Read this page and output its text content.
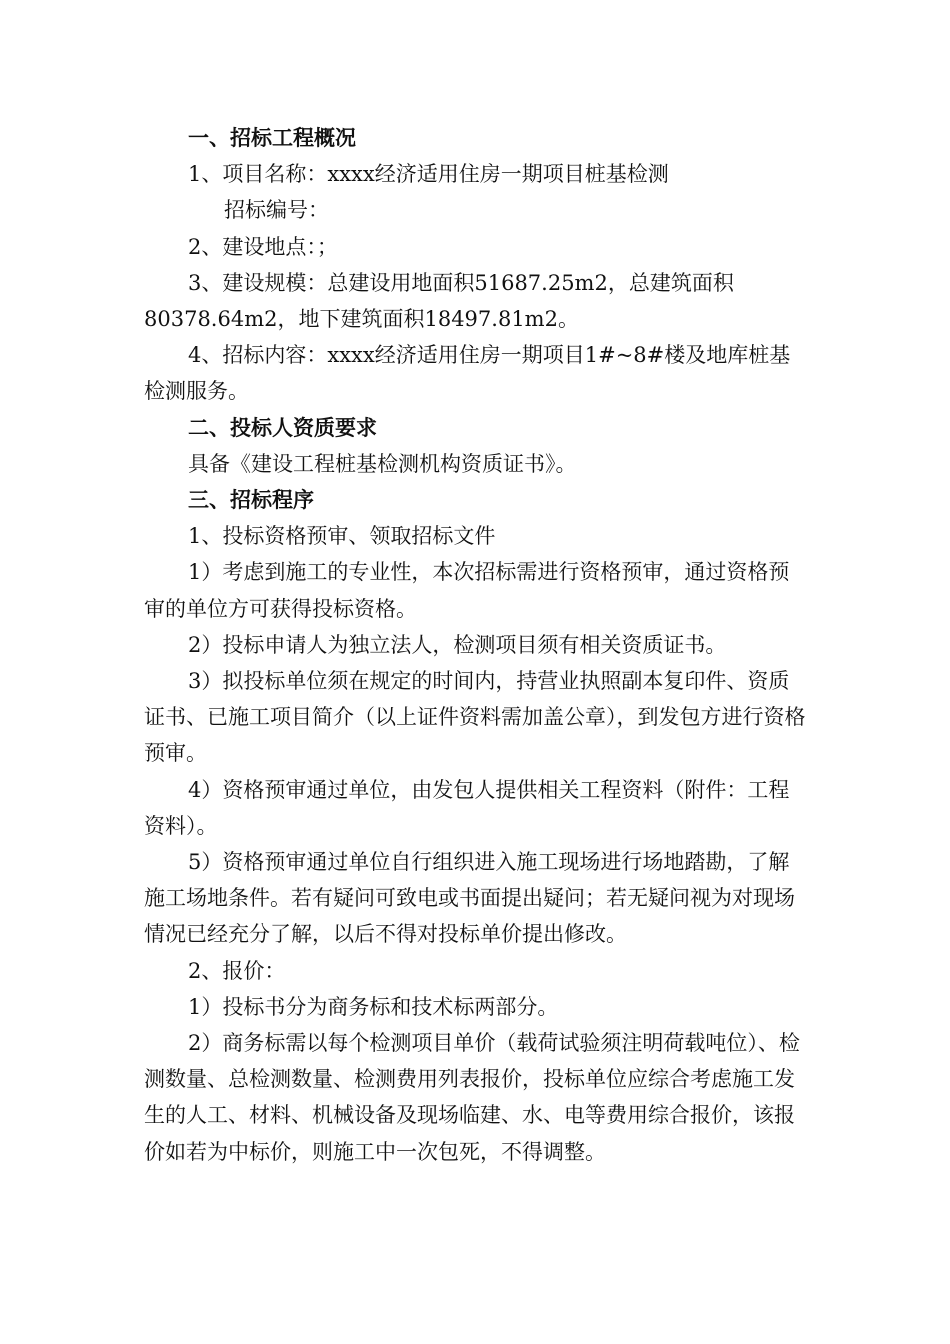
一、招标工程概况

1、项目名称：xxxx经济适用住房一期项目桩基检测

招标编号：

2、建设地点：；

3、建设规模：总建设用地面积51687.25m2，总建筑面积

80378.64m2，地下建筑面积18497.81m2。

4、招标内容：xxxx经济适用住房一期项目1#~8#楼及地库桩基

检测服务。

二、投标人资质要求

具备《建设工程桩基检测机构资质证书》。

三、招标程序

1、投标资格预审、领取招标文件

1）考虑到施工的专业性，本次招标需进行资格预审，通过资格预审的单位方可获得投标资格。

2）投标申请人为独立法人，检测项目须有相关资质证书。

3）拟投标单位须在规定的时间内，持营业执照副本复印件、资质证书、已施工项目简介（以上证件资料需加盖公章），到发包方进行资格预审。

4）资格预审通过单位，由发包人提供相关工程资料（附件：工程资料）。

5）资格预审通过单位自行组织进入施工现场进行场地踏勘，了解施工场地条件。若有疑问可致电或书面提出疑问；若无疑问视为对现场情况已经充分了解，以后不得对投标单价提出修改。

2、报价：

1）投标书分为商务标和技术标两部分。

2）商务标需以每个检测项目单价（载荷试验须注明荷载吨位）、检测数量、总检测数量、检测费用列表报价，投标单位应综合考虑施工发生的人工、材料、机械设备及现场临建、水、电等费用综合报价，该报价如若为中标价，则施工中一次包死，不得调整。
